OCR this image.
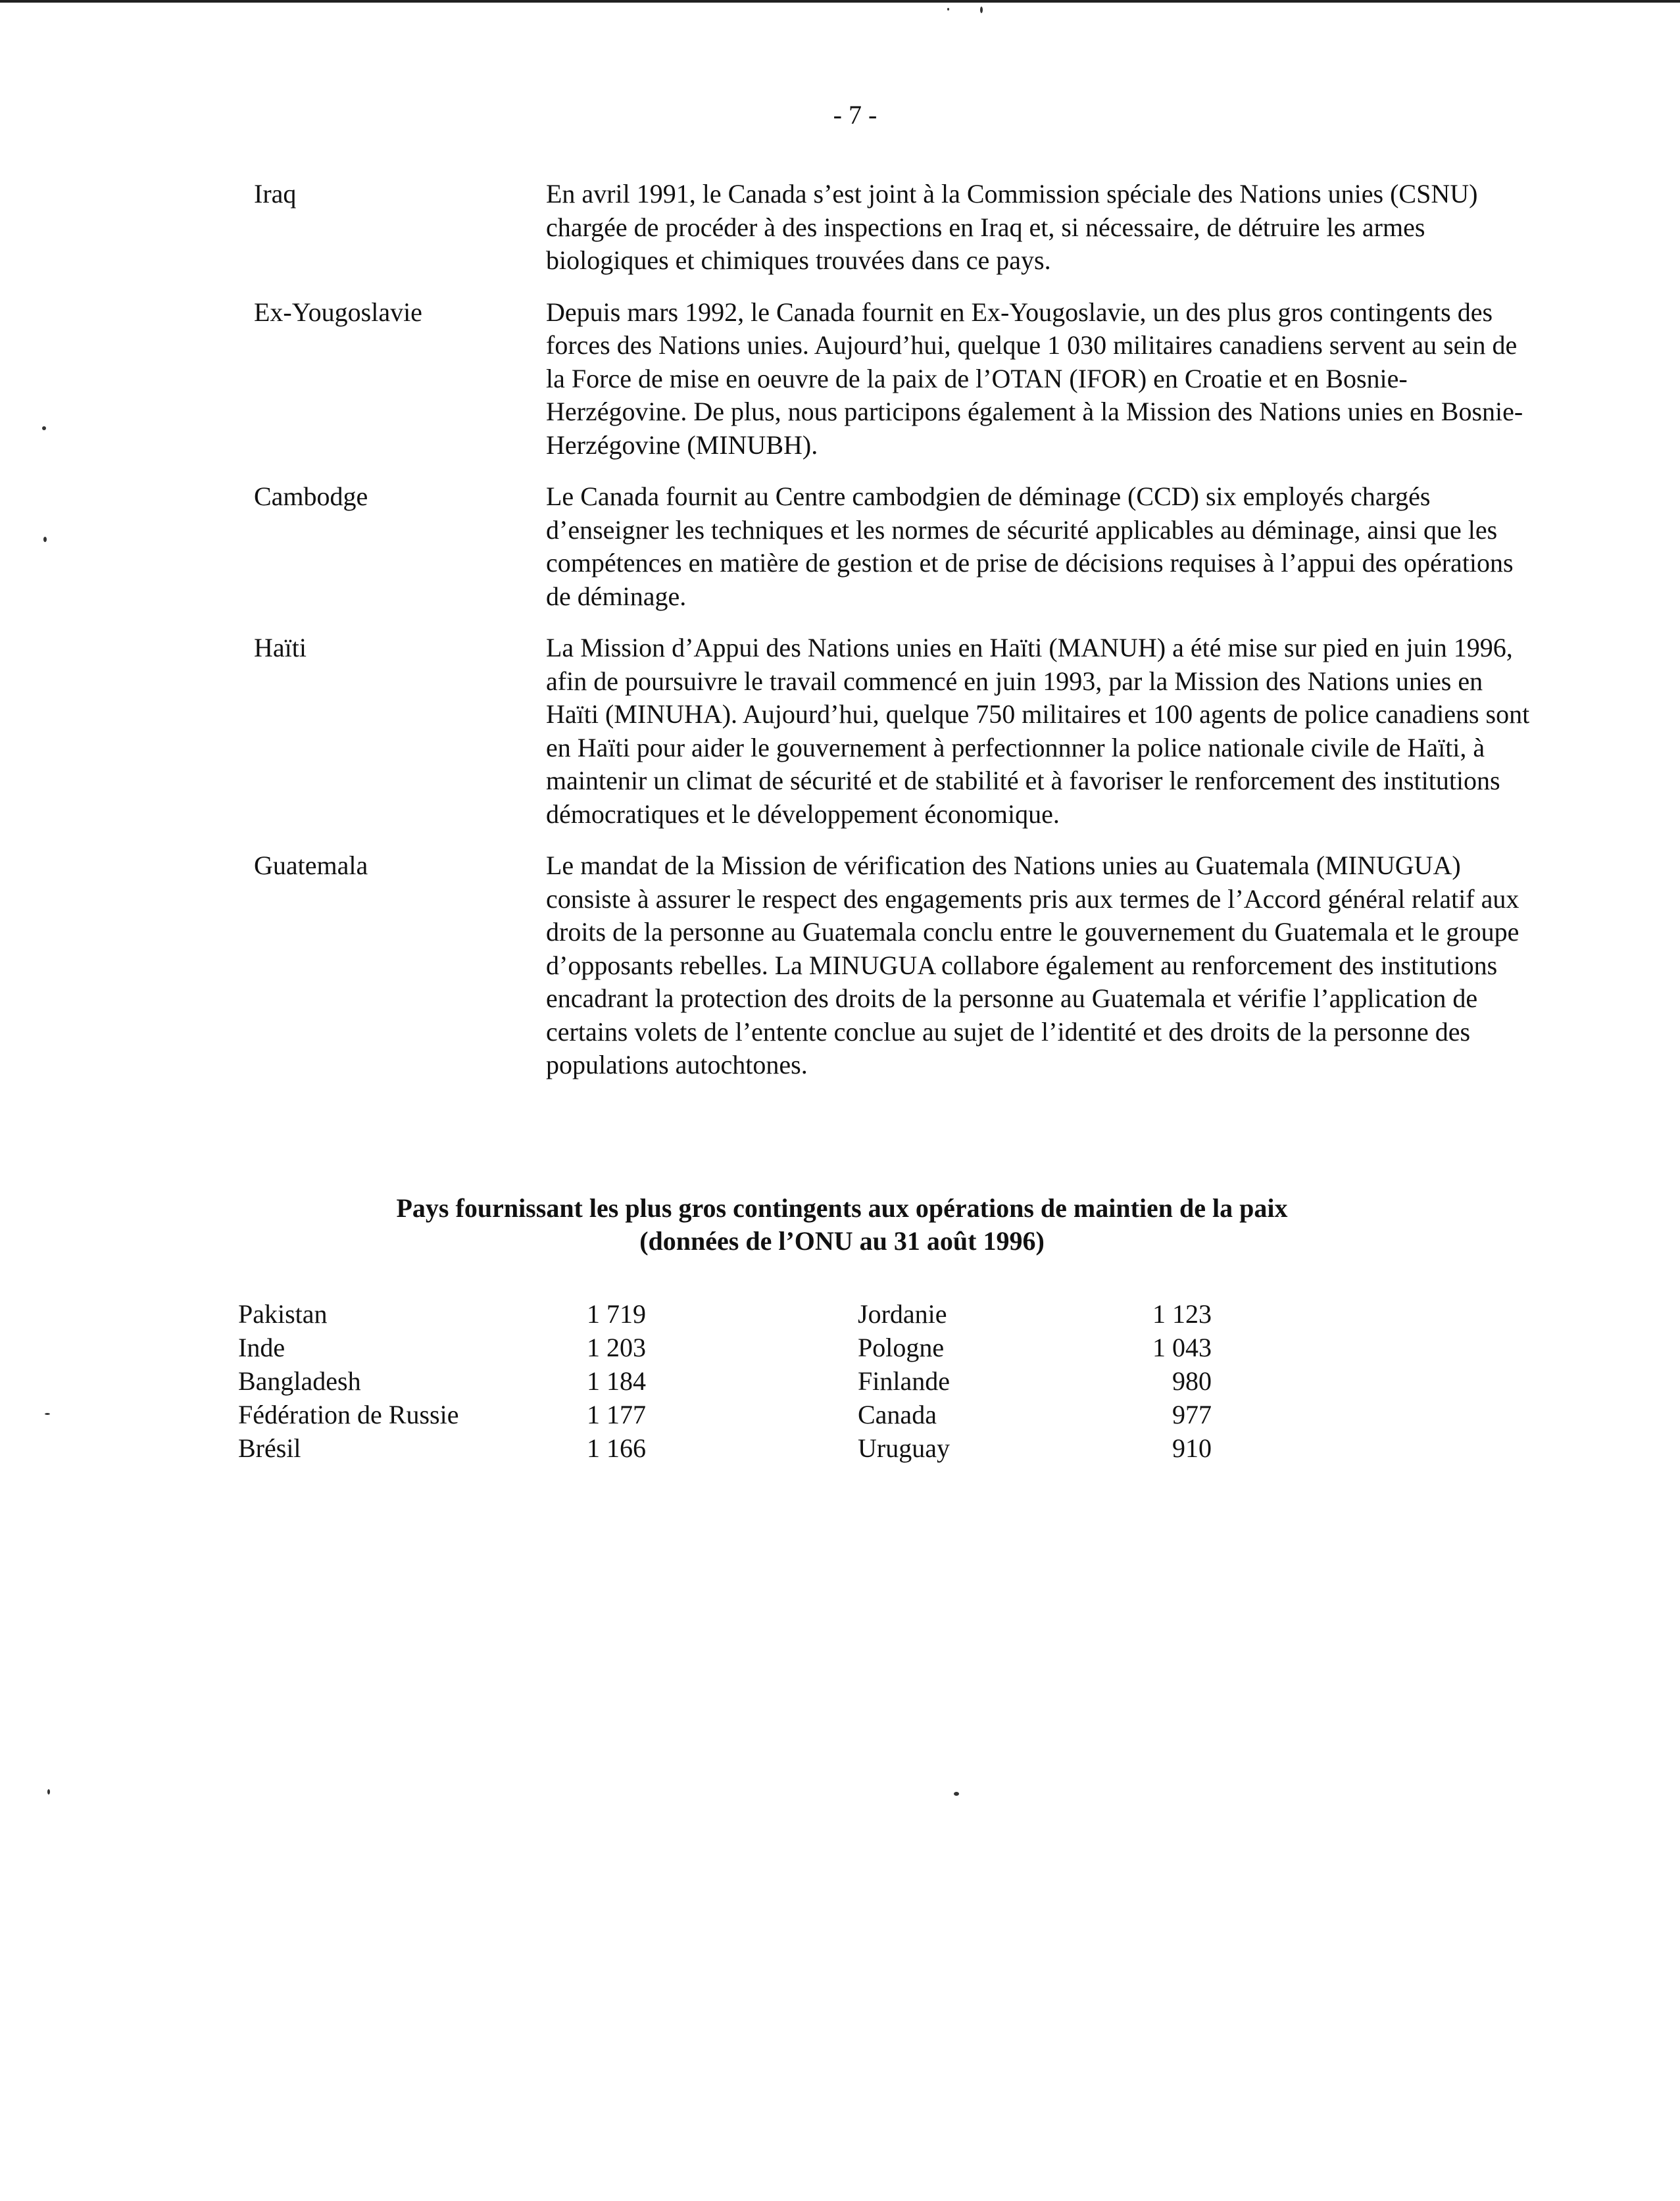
- 7 -
Iraq	En avril 1991, le Canada s’est joint à la Commission spéciale des Nations unies (CSNU) chargée de procéder à des inspections en Iraq et, si nécessaire, de détruire les armes biologiques et chimiques trouvées dans ce pays.
Ex-Yougoslavie	Depuis mars 1992, le Canada fournit en Ex-Yougoslavie, un des plus gros contingents des forces des Nations unies. Aujourd’hui, quelque 1 030 militaires canadiens servent au sein de la Force de mise en oeuvre de la paix de l’OTAN (IFOR) en Croatie et en Bosnie-Herzégovine. De plus, nous participons également à la Mission des Nations unies en Bosnie-Herzégovine (MINUBH).
Cambodge	Le Canada fournit au Centre cambodgien de déminage (CCD) six employés chargés d’enseigner les techniques et les normes de sécurité applicables au déminage, ainsi que les compétences en matière de gestion et de prise de décisions requises à l’appui des opérations de déminage.
Haïti	La Mission d’Appui des Nations unies en Haïti (MANUH) a été mise sur pied en juin 1996, afin de poursuivre le travail commencé en juin 1993, par la Mission des Nations unies en Haïti (MINUHA). Aujourd’hui, quelque 750 militaires et 100 agents de police canadiens sont en Haïti pour aider le gouvernement à perfectionnner la police nationale civile de Haïti, à maintenir un climat de sécurité et de stabilité et à favoriser le renforcement des institutions démocratiques et le développement économique.
Guatemala	Le mandat de la Mission de vérification des Nations unies au Guatemala (MINUGUA) consiste à assurer le respect des engagements pris aux termes de l’Accord général relatif aux droits de la personne au Guatemala conclu entre le gouvernement du Guatemala et le groupe d’opposants rebelles. La MINUGUA collabore également au renforcement des institutions encadrant la protection des droits de la personne au Guatemala et vérifie l’application de certains volets de l’entente conclue au sujet de l’identité et des droits de la personne des populations autochtones.
Pays fournissant les plus gros contingents aux opérations de maintien de la paix
(données de l’ONU au 31 août 1996)
Pakistan	1 719
Inde	1 203
Bangladesh	1 184
Fédération de Russie	1 177
Brésil	1 166
Jordanie	1 123
Pologne	1 043
Finlande	980
Canada	977
Uruguay	910
